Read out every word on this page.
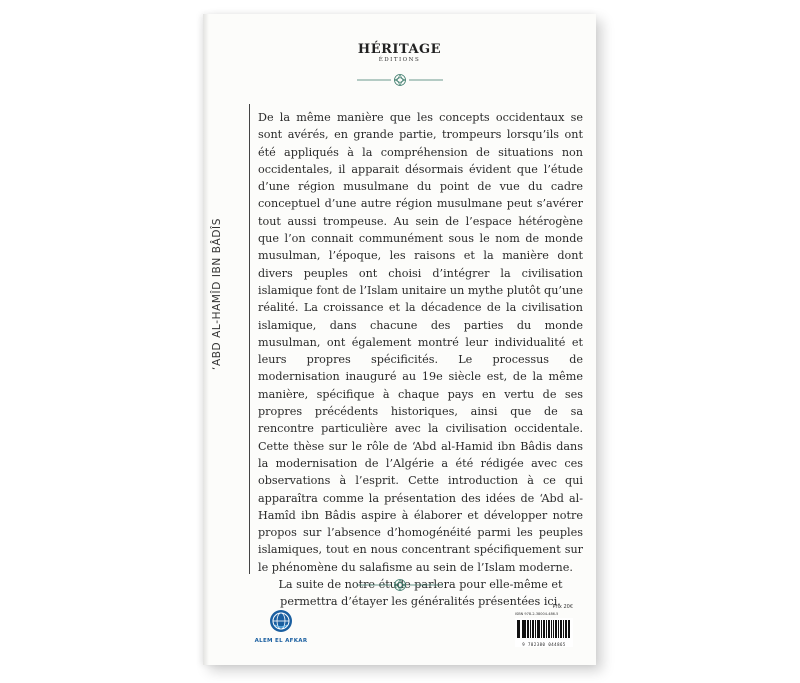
HÉRITAGE
ÉDITIONS
‘ABD AL-HAMÎD IBN BÂDÎS

De la même manière que les concepts occidentaux se sont avérés, en grande partie, trompeurs lorsqu’ils ont été appliqués à la compréhension de situations non occidentales, il apparait désormais évident que l’étude d’une région musulmane du point de vue du cadre conceptuel d’une autre région musulmane peut s’avérer tout aussi trompeuse. Au sein de l’espace hétérogène que l’on connait communément sous le nom de monde musulman, l’époque, les raisons et la manière dont divers peuples ont choisi d’intégrer la civilisation islamique font de l’Islam unitaire un mythe plutôt qu’une réalité. La croissance et la décadence de la civilisation islamique, dans chacune des parties du monde musulman, ont également montré leur individualité et leurs propres spécificités. Le processus de modernisation inauguré au 19e siècle est, de la même manière, spécifique à chaque pays en vertu de ses propres précédents historiques, ainsi que de sa rencontre particulière avec la civilisation occidentale. Cette thèse sur le rôle de ‘Abd al-Hamid ibn Bâdis dans la modernisation de l’Algérie a été rédigée avec ces observations à l’esprit. Cette introduction à ce qui apparaîtra comme la présentation des idées de ‘Abd al-Hamîd ibn Bâdis aspire à élaborer et développer notre propos sur l’absence d’homogénéité parmi les peuples islamiques, tout en nous concentrant spécifiquement sur le phénomène du salafisme au sein de l’Islam moderne.

La suite de notre étude parlera pour elle-même et

permettra d’étayer les généralités présentées ici.

ALEM EL AFKAR
Prix 20€
ISBN 978-2-38004-486-5
9 782380 044865
